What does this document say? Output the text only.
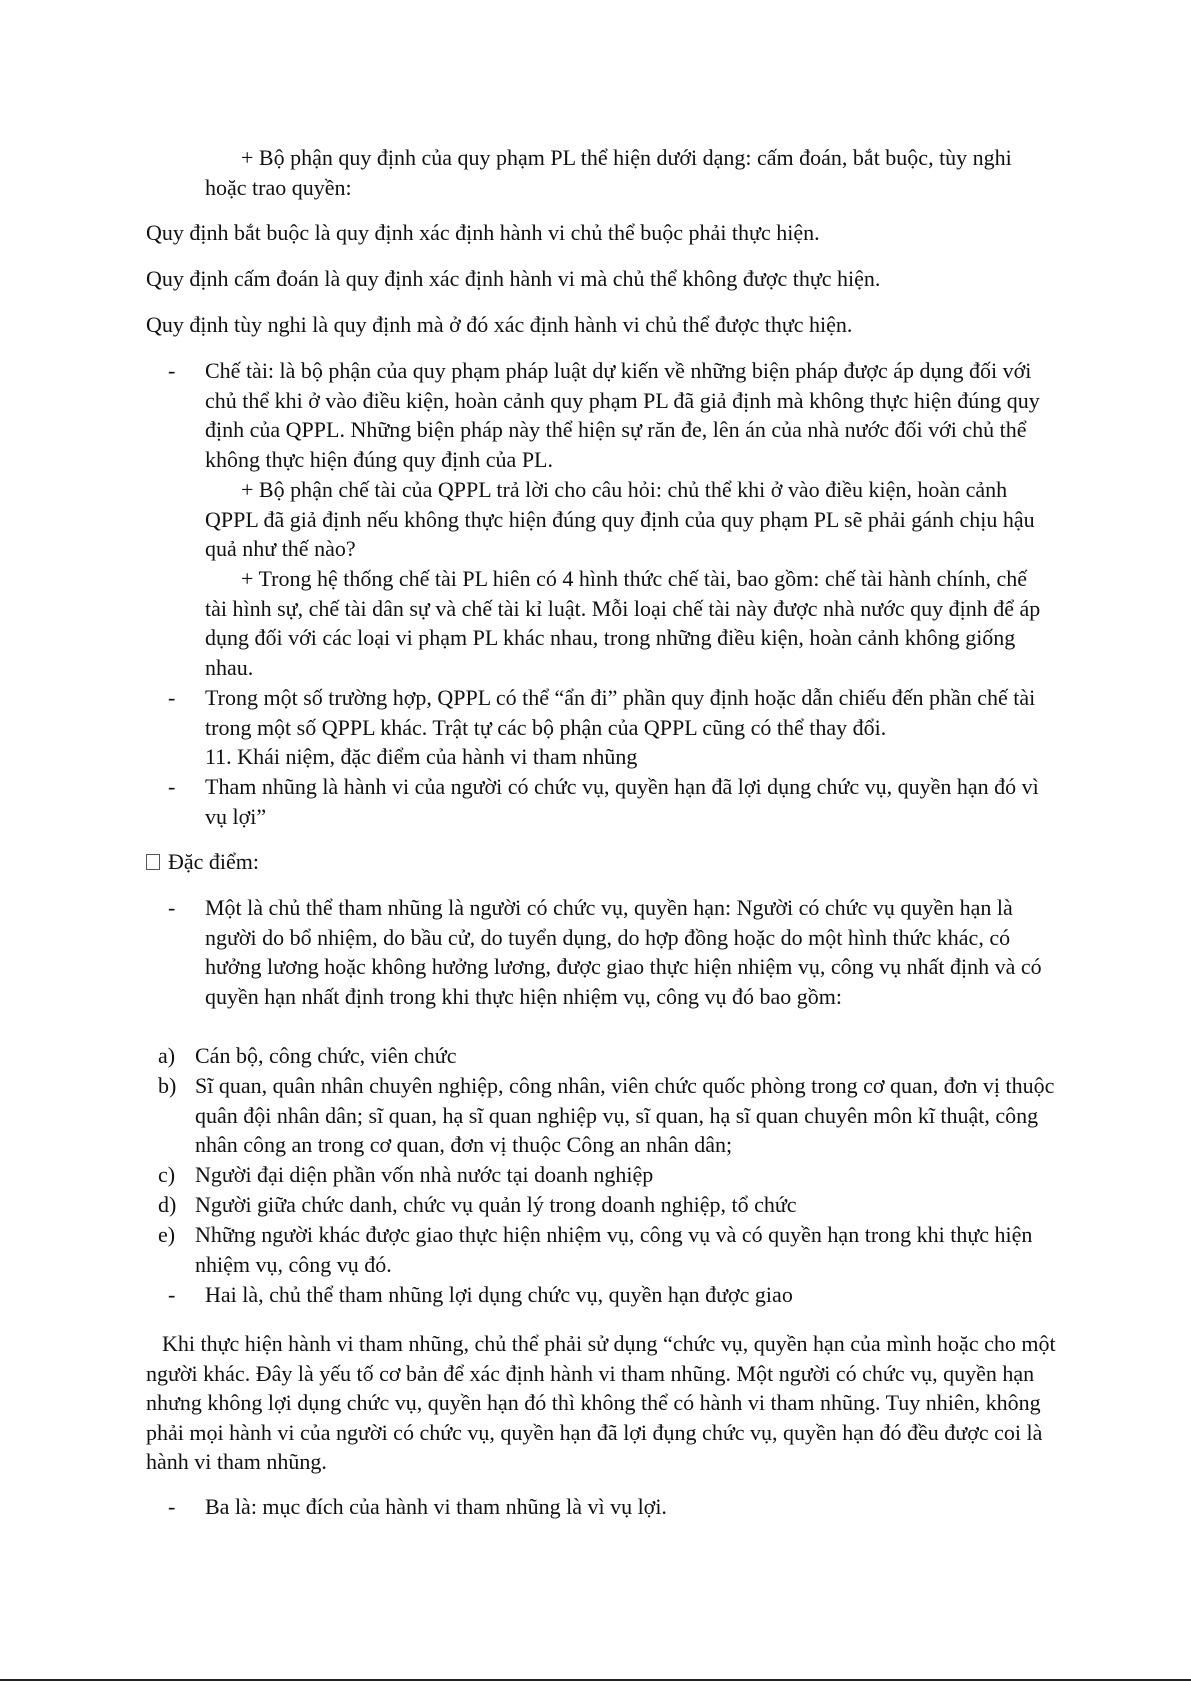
+ Bộ phận quy định của quy phạm PL thể hiện dưới dạng: cấm đoán, bắt buộc, tùy nghi hoặc trao quyền:

Quy định bắt buộc là quy định xác định hành vi chủ thể buộc phải thực hiện.

Quy định cấm đoán là quy định xác định hành vi mà chủ thể không được thực hiện.

Quy định tùy nghi là quy định mà ở đó xác định hành vi chủ thể được thực hiện.

- Chế tài: là bộ phận của quy phạm pháp luật dự kiến về những biện pháp được áp dụng đối với chủ thể khi ở vào điều kiện, hoàn cảnh quy phạm PL đã giả định mà không thực hiện đúng quy định của QPPL. Những biện pháp này thể hiện sự răn đe, lên án của nhà nước đối với chủ thể không thực hiện đúng quy định của PL.

+ Bộ phận chế tài của QPPL trả lời cho câu hỏi: chủ thể khi ở vào điều kiện, hoàn cảnh QPPL đã giả định nếu không thực hiện đúng quy định của quy phạm PL sẽ phải gánh chịu hậu quả như thế nào?

+ Trong hệ thống chế tài PL hiên có 4 hình thức chế tài, bao gồm: chế tài hành chính, chế tài hình sự, chế tài dân sự và chế tài kỉ luật. Mỗi loại chế tài này được nhà nước quy định để áp dụng đối với các loại vi phạm PL khác nhau, trong những điều kiện, hoàn cảnh không giống nhau.

- Trong một số trường hợp, QPPL có thể “ẩn đi” phần quy định hoặc dẫn chiếu đến phần chế tài trong một số QPPL khác. Trật tự các bộ phận của QPPL cũng có thể thay đổi.

11. Khái niệm, đặc điểm của hành vi tham nhũng

- Tham nhũng là hành vi của người có chức vụ, quyền hạn đã lợi dụng chức vụ, quyền hạn đó vì vụ lợi”

Đặc điểm:

- Một là chủ thể tham nhũng là người có chức vụ, quyền hạn: Người có chức vụ quyền hạn là người do bổ nhiệm, do bầu cử, do tuyển dụng, do hợp đồng hoặc do một hình thức khác, có hưởng lương hoặc không hưởng lương, được giao thực hiện nhiệm vụ, công vụ nhất định và có quyền hạn nhất định trong khi thực hiện nhiệm vụ, công vụ đó bao gồm:

a) Cán bộ, công chức, viên chức

b) Sĩ quan, quân nhân chuyên nghiệp, công nhân, viên chức quốc phòng trong cơ quan, đơn vị thuộc quân đội nhân dân; sĩ quan, hạ sĩ quan nghiệp vụ, sĩ quan, hạ sĩ quan chuyên môn kĩ thuật, công nhân công an trong cơ quan, đơn vị thuộc Công an nhân dân;

c) Người đại diện phần vốn nhà nước tại doanh nghiệp

d) Người giữa chức danh, chức vụ quản lý trong doanh nghiệp, tổ chức

e) Những người khác được giao thực hiện nhiệm vụ, công vụ và có quyền hạn trong khi thực hiện nhiệm vụ, công vụ đó.

- Hai là, chủ thể tham nhũng lợi dụng chức vụ, quyền hạn được giao

Khi thực hiện hành vi tham nhũng, chủ thể phải sử dụng “chức vụ, quyền hạn của mình hoặc cho một người khác. Đây là yếu tố cơ bản để xác định hành vi tham nhũng. Một người có chức vụ, quyền hạn nhưng không lợi dụng chức vụ, quyền hạn đó thì không thể có hành vi tham nhũng. Tuy nhiên, không phải mọi hành vi của người có chức vụ, quyền hạn đã lợi đụng chức vụ, quyền hạn đó đều được coi là hành vi tham nhũng.

- Ba là: mục đích của hành vi tham nhũng là vì vụ lợi.
